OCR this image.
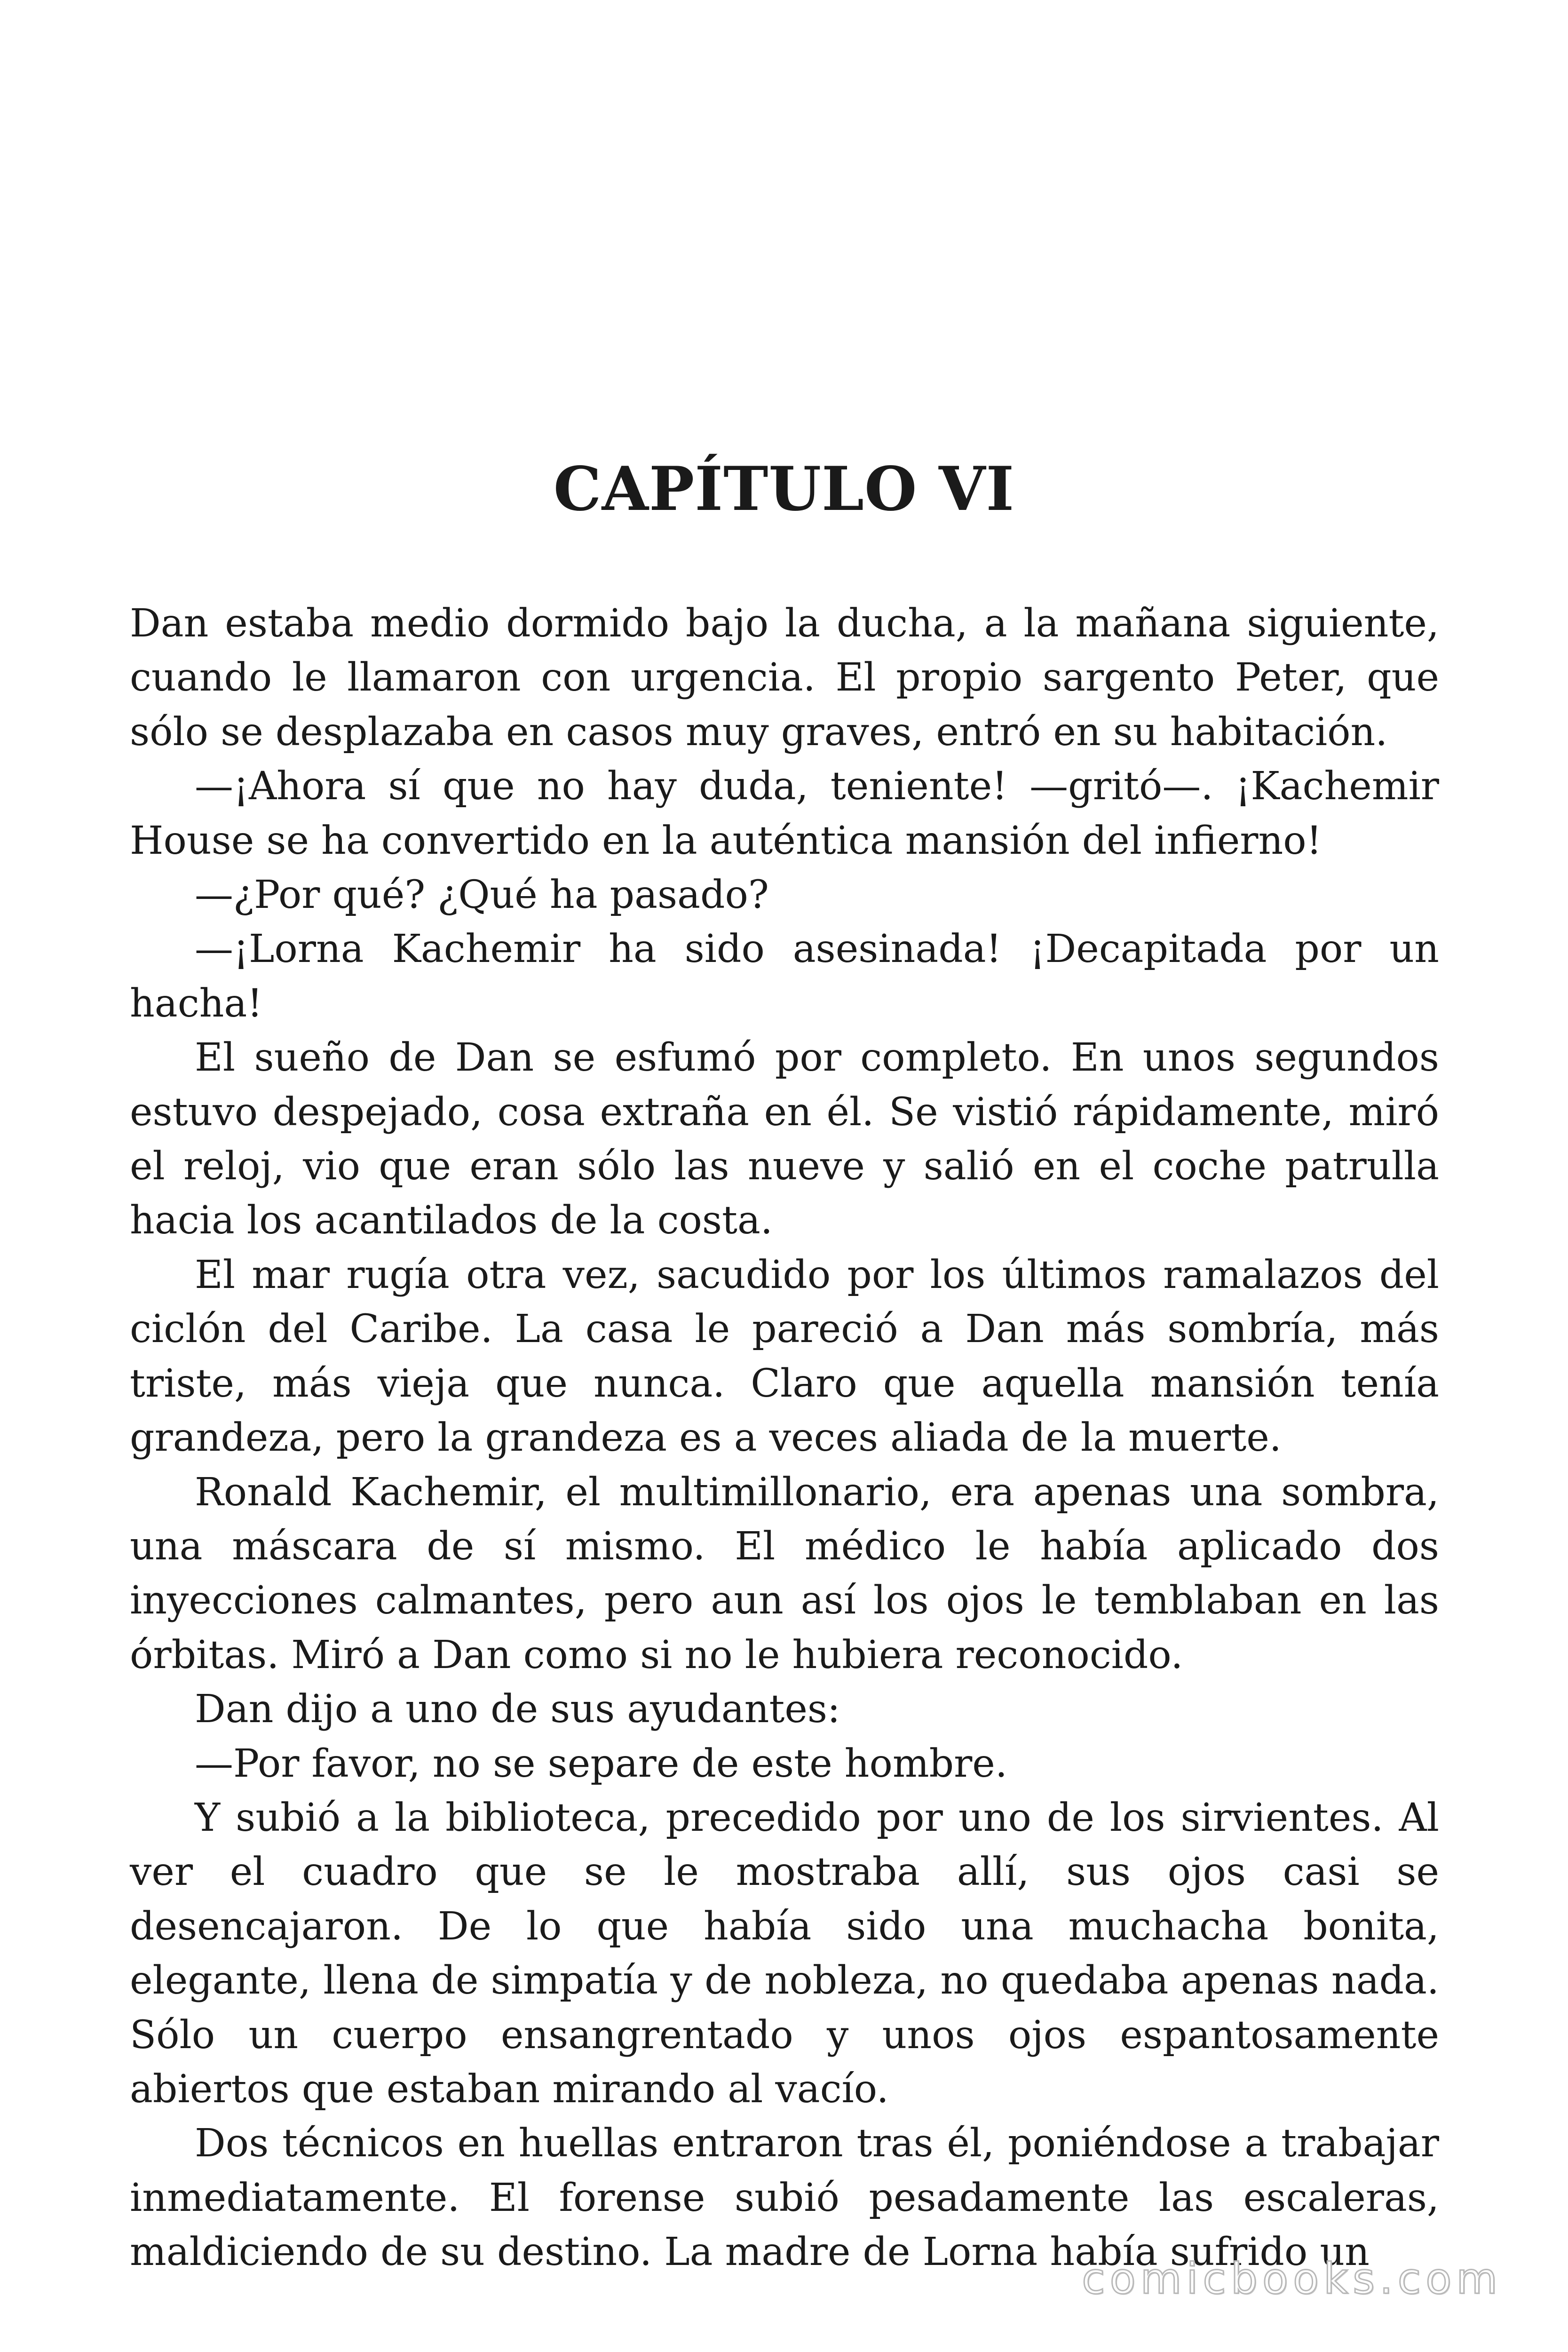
CAPÍTULO VI

Dan estaba medio dormido bajo la ducha, a la mañana siguiente, cuando le llamaron con urgencia. El propio sargento Peter, que sólo se desplazaba en casos muy graves, entró en su habitación.

—¡Ahora sí que no hay duda, teniente! —gritó—. ¡Kachemir House se ha convertido en la auténtica mansión del infierno!

—¿Por qué? ¿Qué ha pasado?

—¡Lorna Kachemir ha sido asesinada! ¡Decapitada por un hacha!

El sueño de Dan se esfumó por completo. En unos segundos estuvo despejado, cosa extraña en él. Se vistió rápidamente, miró el reloj, vio que eran sólo las nueve y salió en el coche patrulla hacia los acantilados de la costa.

El mar rugía otra vez, sacudido por los últimos ramalazos del ciclón del Caribe. La casa le pareció a Dan más sombría, más triste, más vieja que nunca. Claro que aquella mansión tenía grandeza, pero la grandeza es a veces aliada de la muerte.

Ronald Kachemir, el multimillonario, era apenas una sombra, una máscara de sí mismo. El médico le había aplicado dos inyecciones calmantes, pero aun así los ojos le temblaban en las órbitas. Miró a Dan como si no le hubiera reconocido.

Dan dijo a uno de sus ayudantes:

—Por favor, no se separe de este hombre.

Y subió a la biblioteca, precedido por uno de los sirvientes. Al ver el cuadro que se le mostraba allí, sus ojos casi se desencajaron. De lo que había sido una muchacha bonita, elegante, llena de simpatía y de nobleza, no quedaba apenas nada. Sólo un cuerpo ensangrentado y unos ojos espantosamente abiertos que estaban mirando al vacío.

Dos técnicos en huellas entraron tras él, poniéndose a trabajar inmediatamente. El forense subió pesadamente las escaleras, maldiciendo de su destino. La madre de Lorna había sufrido un

comicbooks.com
